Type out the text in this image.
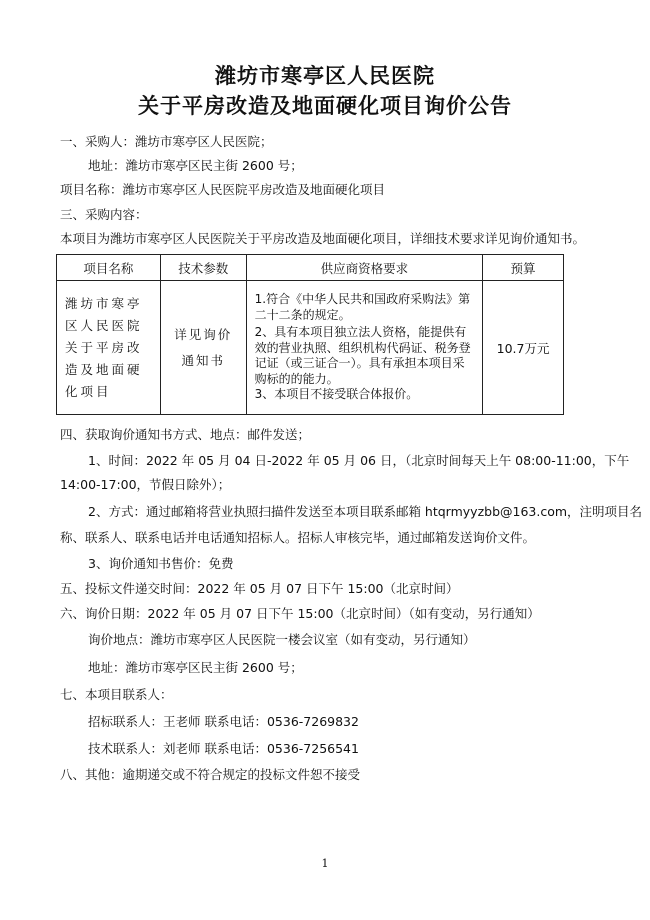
潍坊市寒亭区人民医院
关于平房改造及地面硬化项目询价公告
一、采购人：潍坊市寒亭区人民医院；
地址：潍坊市寒亭区民主街 2600 号；
项目名称：潍坊市寒亭区人民医院平房改造及地面硬化项目
三、采购内容：
本项目为潍坊市寒亭区人民医院关于平房改造及地面硬化项目，详细技术要求详见询价通知书。
项目名称	技术参数	供应商资格要求	预算
潍坊市寒亭区人民医院关于平房改造及地面硬化项目	详见询价通知书	1.符合《中华人民共和国政府采购法》第二十二条的规定。
2、具有本项目独立法人资格，能提供有效的营业执照、组织机构代码证、税务登记证（或三证合一）。具有承担本项目采购标的的能力。
3、本项目不接受联合体报价。	10.7万元
四、获取询价通知书方式、地点：邮件发送；
1、时间：2022 年 05 月 04 日-2022 年 05 月 06 日，（北京时间每天上午 08:00-11:00，下午
14:00-17:00，节假日除外）；
2、方式：通过邮箱将营业执照扫描件发送至本项目联系邮箱 htqrmyyzbb@163.com，注明项目名
称、联系人、联系电话并电话通知招标人。招标人审核完毕，通过邮箱发送询价文件。
3、询价通知书售价：免费
五、投标文件递交时间：2022 年 05 月 07 日下午 15:00（北京时间）
六、询价日期：2022 年 05 月 07 日下午 15:00（北京时间）（如有变动，另行通知）
询价地点：潍坊市寒亭区人民医院一楼会议室（如有变动，另行通知）
地址：潍坊市寒亭区民主街 2600 号；
七、本项目联系人：
招标联系人：王老师 联系电话：0536-7269832
技术联系人：刘老师 联系电话：0536-7256541
八、其他：逾期递交或不符合规定的投标文件恕不接受
1
